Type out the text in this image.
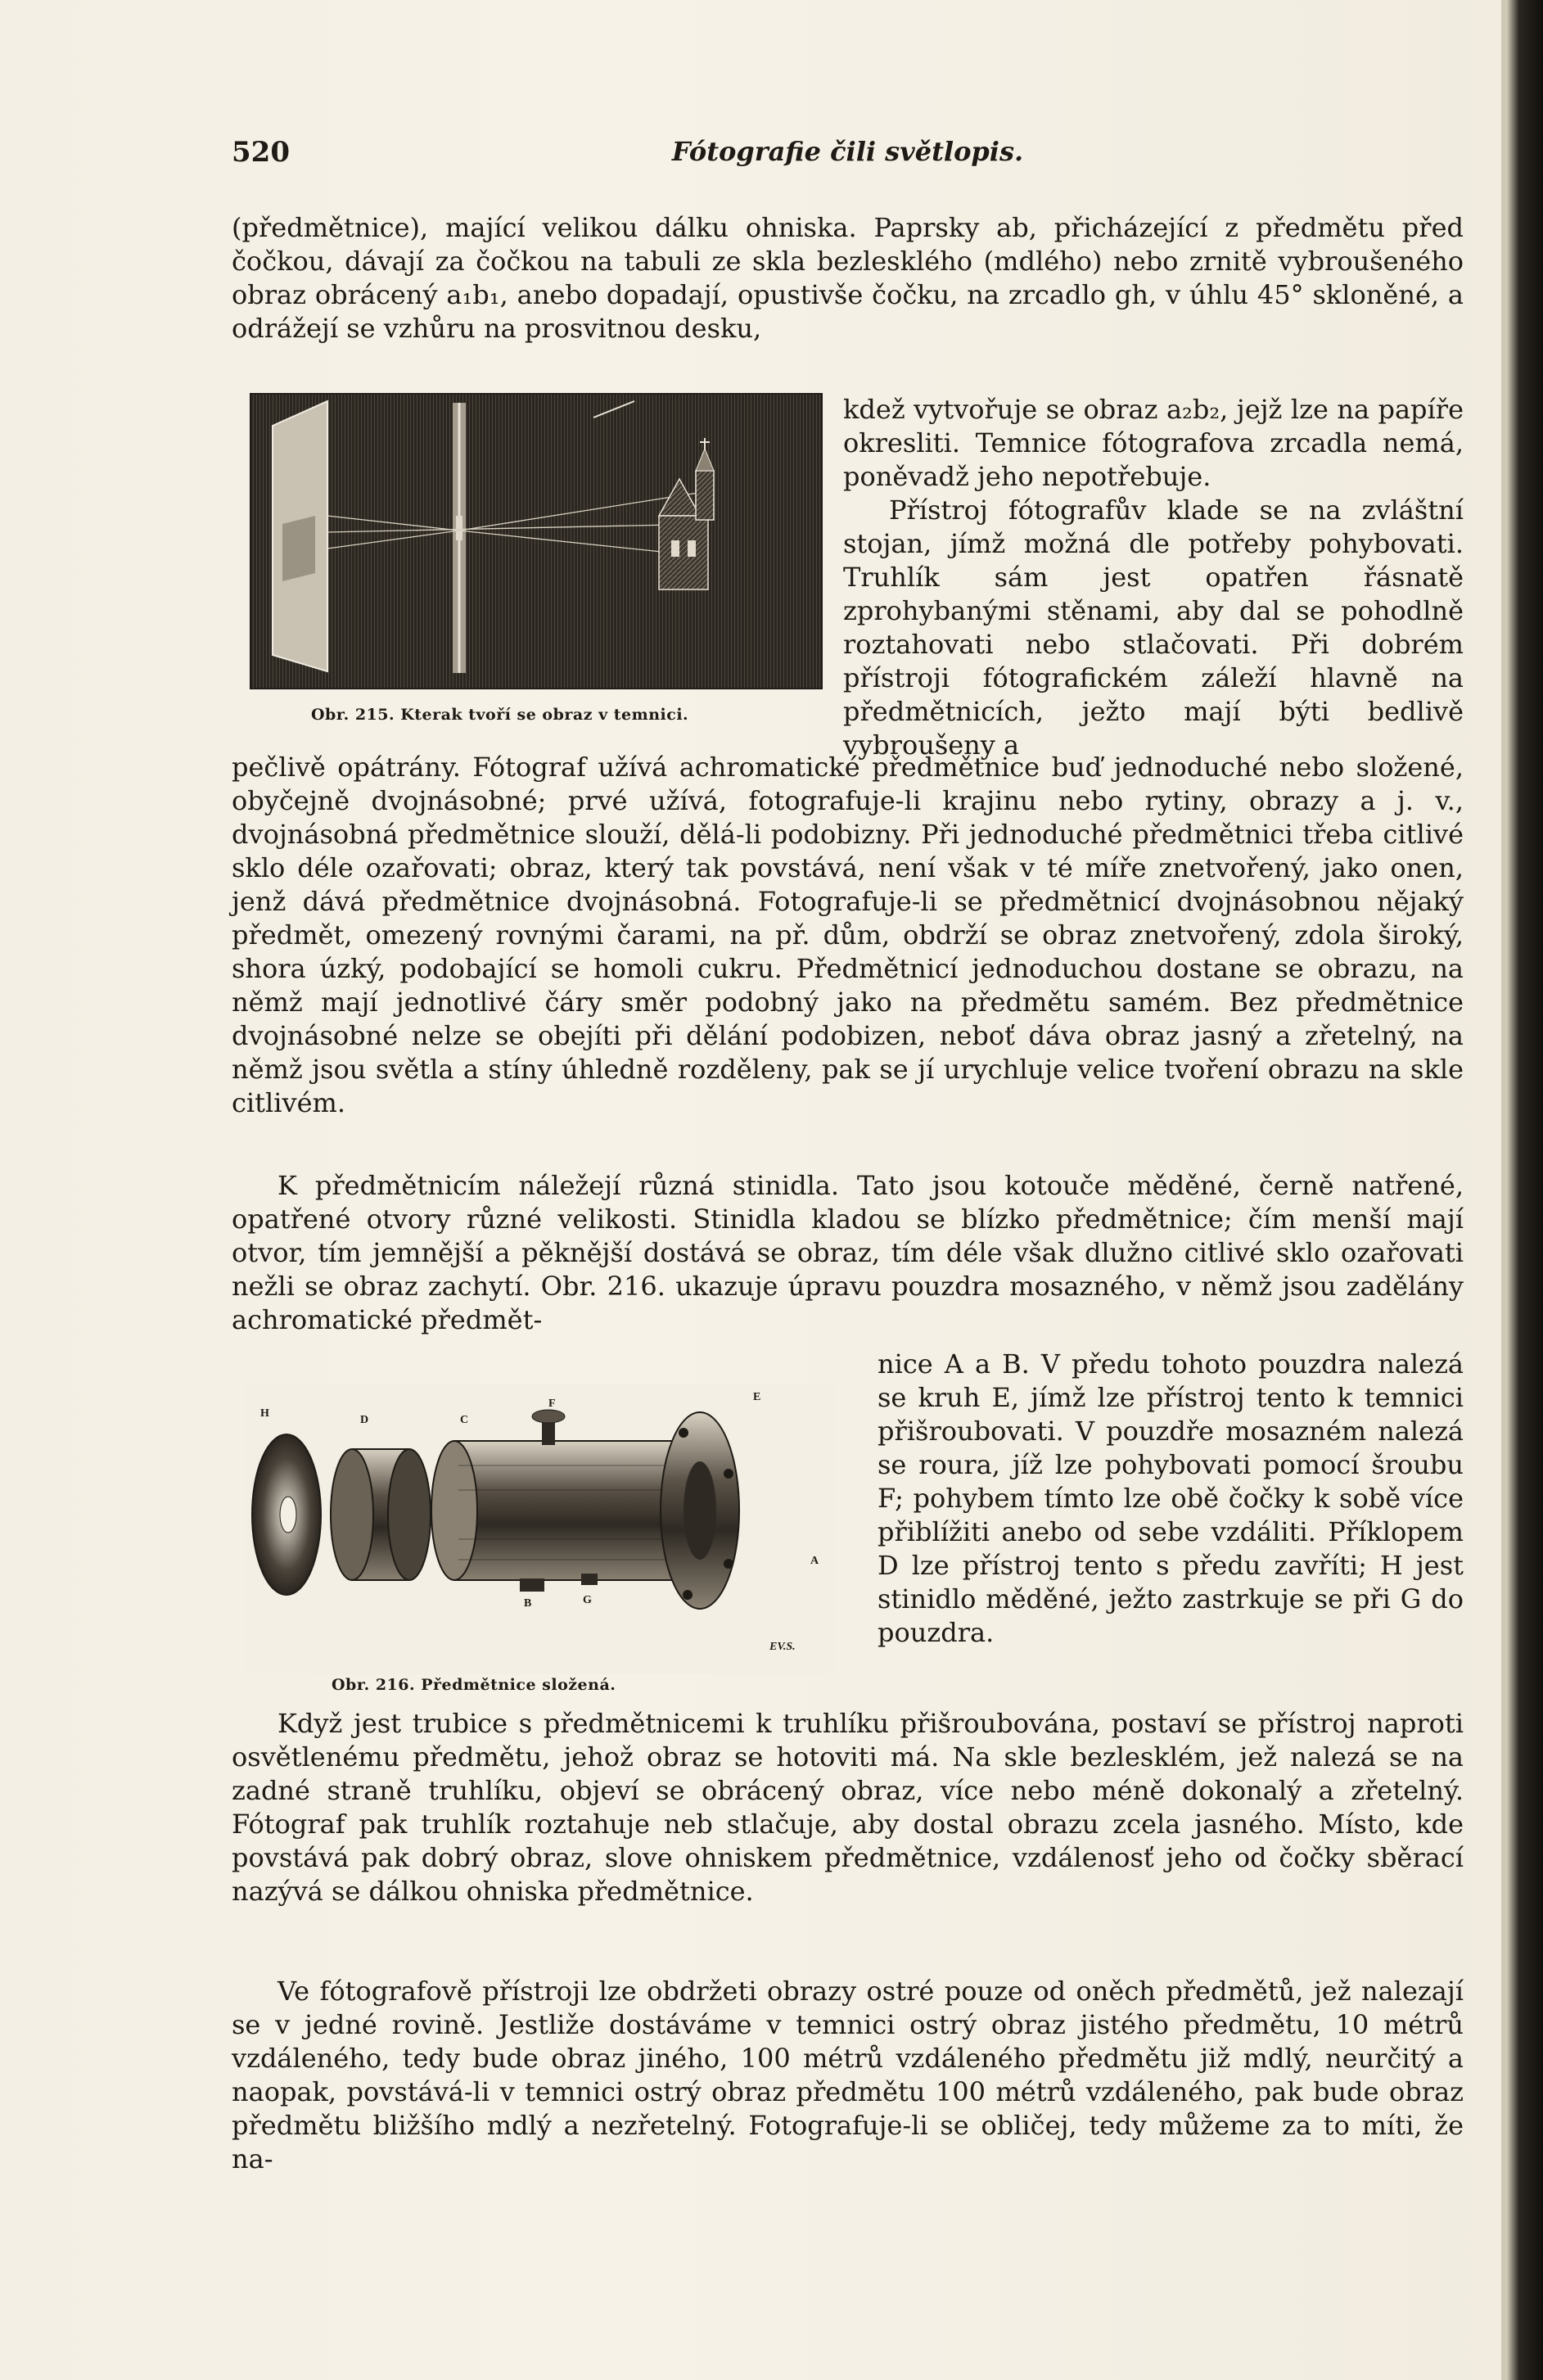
520	Fótografie čili světlopis.

(předmětnice), mající velikou dálku ohniska. Paprsky ab, přicházející z předmětu před čočkou, dávají za čočkou na tabuli ze skla bezlesklého (mdlého) nebo zrnitě vybroušeného obraz obrácený a₁b₁, anebo dopadají, opustivše čočku, na zrcadlo gh, v úhlu 45° skloněné, a odrážejí se vzhůru na prosvitnou desku,

Obr. 215. Kterak tvoří se obraz v temnici.

kdež vytvořuje se obraz a₂b₂, jejž lze na papíře okresliti. Temnice fótografova zrcadla nemá, poněvadž jeho nepotřebuje.

Přístroj fótografův klade se na zvláštní stojan, jímž možná dle potřeby pohybovati. Truhlík sám jest opatřen řásnatě zprohybanými stěnami, aby dal se pohodlně roztahovati nebo stlačovati. Při dobrém přístroji fótografickém záleží hlavně na předmětnicích, ježto mají býti bedlivě vybroušeny a

pečlivě opátrány. Fótograf užívá achromatické předmětnice buď jednoduché nebo složené, obyčejně dvojnásobné; prvé užívá, fotografuje-li krajinu nebo rytiny, obrazy a j. v., dvojnásobná předmětnice slouží, dělá-li podobizny. Při jednoduché předmětnici třeba citlivé sklo déle ozařovati; obraz, který tak povstává, není však v té míře znetvořený, jako onen, jenž dává předmětnice dvojnásobná. Fotografuje-li se předmětnicí dvojnásobnou nějaký předmět, omezený rovnými čarami, na př. dům, obdrží se obraz znetvořený, zdola široký, shora úzký, podobající se homoli cukru. Předmětnicí jednoduchou dostane se obrazu, na němž mají jednotlivé čáry směr podobný jako na předmětu samém. Bez předmětnice dvojnásobné nelze se obejíti při dělání podobizen, neboť dáva obraz jasný a zřetelný, na němž jsou světla a stíny úhledně rozděleny, pak se jí urychluje velice tvoření obrazu na skle citlivém.

K předmětnicím náležejí různá stinidla. Tato jsou kotouče měděné, černě natřené, opatřené otvory různé velikosti. Stinidla kladou se blízko předmětnice; čím menší mají otvor, tím jemnější a pěknější dostává se obraz, tím déle však dlužno citlivé sklo ozařovati nežli se obraz zachytí. Obr. 216. ukazuje úpravu pouzdra mosazného, v němž jsou zadělány achromatické předmět-

H
D	C
F
E
A
B	G
EV.S.
Obr. 216. Předmětnice složená.

nice A a B. V předu tohoto pouzdra nalezá se kruh E, jímž lze přístroj tento k temnici přišroubovati. V pouzdře mosazném nalezá se roura, jíž lze pohybovati pomocí šroubu F; pohybem tímto lze obě čočky k sobě více přiblížiti anebo od sebe vzdáliti. Příklopem D lze přístroj tento s předu zavříti; H jest stinidlo měděné, ježto zastrkuje se při G do pouzdra.

Když jest trubice s předmětnicemi k truhlíku přišroubována, postaví se přístroj naproti osvětlenému předmětu, jehož obraz se hotoviti má. Na skle bezlesklém, jež nalezá se na zadné straně truhlíku, objeví se obrácený obraz, více nebo méně dokonalý a zřetelný. Fótograf pak truhlík roztahuje neb stlačuje, aby dostal obrazu zcela jasného. Místo, kde povstává pak dobrý obraz, slove ohniskem předmětnice, vzdálenosť jeho od čočky sběrací nazývá se dálkou ohniska předmětnice.

Ve fótografově přístroji lze obdržeti obrazy ostré pouze od oněch předmětů, jež nalezají se v jedné rovině. Jestliže dostáváme v temnici ostrý obraz jistého předmětu, 10 métrů vzdáleného, tedy bude obraz jiného, 100 métrů vzdáleného předmětu již mdlý, neurčitý a naopak, povstává-li v temnici ostrý obraz předmětu 100 métrů vzdáleného, pak bude obraz předmětu bližšího mdlý a nezřetelný. Fotografuje-li se obličej, tedy můžeme za to míti, že na-
